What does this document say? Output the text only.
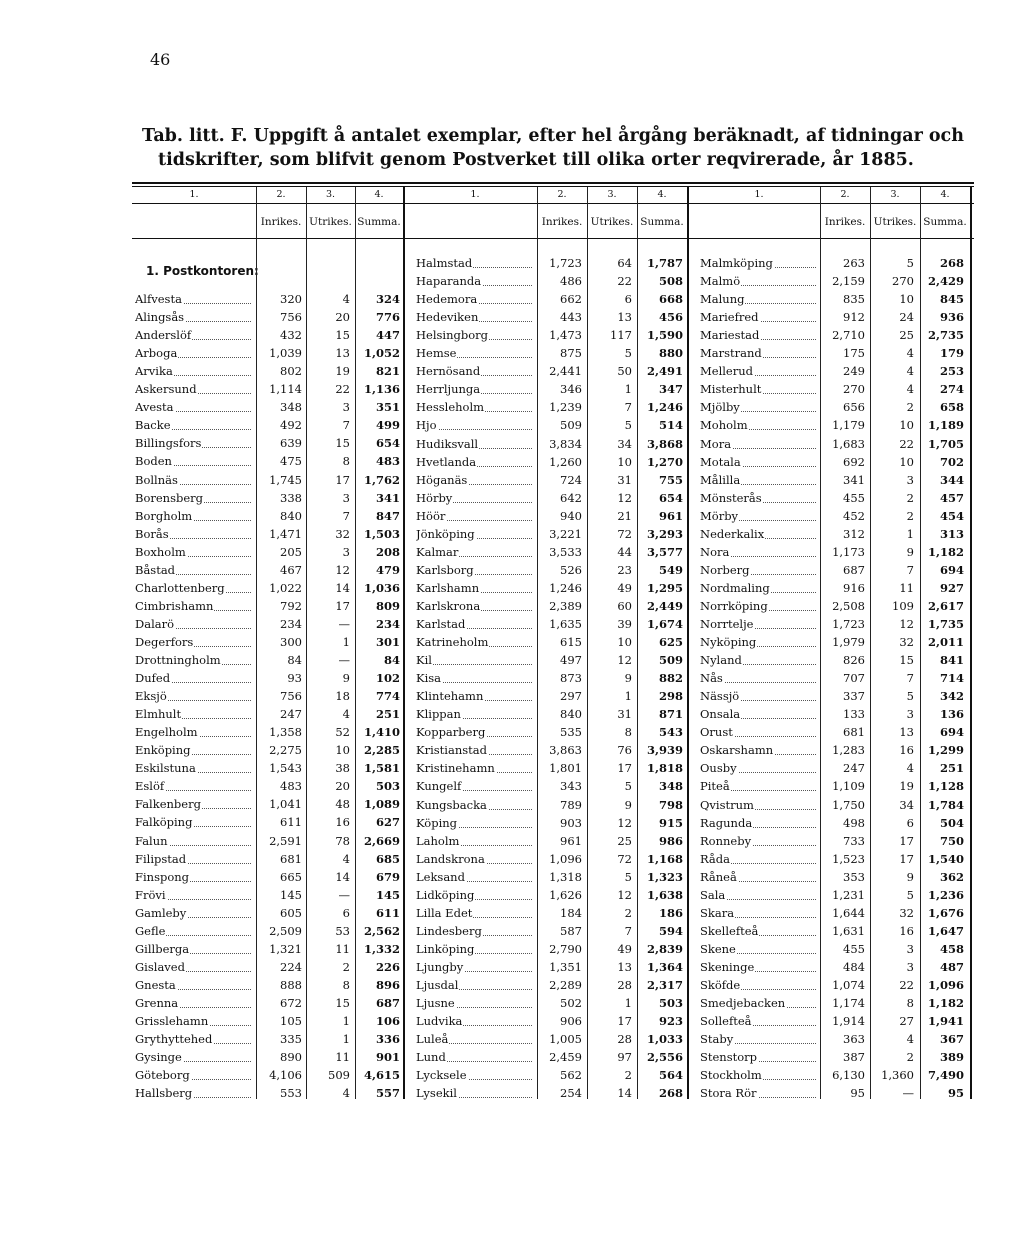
46
Tab. litt. F. Uppgift å antalet exemplar, efter hel årgång beräknadt, af tidningar och
tidskrifter, som blifvit genom Postverket till olika orter reqvirerade, år 1885.
1.	2.	3.	4.
Inrikes. Utrikes. Summa.
1.	2.	3.	4.
Inrikes. Utrikes. Summa.
1.	2.	3.	4.
Inrikes. Utrikes. Summa.
1. Postkontoren:
Alfvesta	320	4	324
Alingsås	756	20	776
Anderslöf	432	15	447
Arboga	1,039	13	1,052
Arvika	802	19	821
Askersund	1,114	22	1,136
Avesta	348	3	351
Backe	492	7	499
Billingsfors	639	15	654
Boden	475	8	483
Bollnäs	1,745	17	1,762
Borensberg	338	3	341
Borgholm	840	7	847
Borås	1,471	32	1,503
Boxholm	205	3	208
Båstad	467	12	479
Charlottenberg	1,022	14	1,036
Cimbrishamn	792	17	809
Dalarö	234	—	234
Degerfors	300	1	301
Drottningholm	84	—	84
Dufed	93	9	102
Eksjö	756	18	774
Elmhult	247	4	251
Engelholm	1,358	52	1,410
Enköping	2,275	10	2,285
Eskilstuna	1,543	38	1,581
Eslöf	483	20	503
Falkenberg	1,041	48	1,089
Falköping	611	16	627
Falun	2,591	78	2,669
Filipstad	681	4	685
Finspong	665	14	679
Frövi	145	—	145
Gamleby	605	6	611
Gefle	2,509	53	2,562
Gillberga	1,321	11	1,332
Gislaved	224	2	226
Gnesta	888	8	896
Grenna	672	15	687
Grisslehamn	105	1	106
Grythyttehed	335	1	336
Gysinge	890	11	901
Göteborg	4,106	509	4,615
Hallsberg	553	4	557
Halmstad	1,723	64	1,787
Haparanda	486	22	508
Hedemora	662	6	668
Hedeviken	443	13	456
Helsingborg	1,473	117	1,590
Hemse	875	5	880
Hernösand	2,441	50	2,491
Herrljunga	346	1	347
Hessleholm	1,239	7	1,246
Hjo	509	5	514
Hudiksvall	3,834	34	3,868
Hvetlanda	1,260	10	1,270
Höganäs	724	31	755
Hörby	642	12	654
Höör	940	21	961
Jönköping	3,221	72	3,293
Kalmar	3,533	44	3,577
Karlsborg	526	23	549
Karlshamn	1,246	49	1,295
Karlskrona	2,389	60	2,449
Karlstad	1,635	39	1,674
Katrineholm	615	10	625
Kil	497	12	509
Kisa	873	9	882
Klintehamn	297	1	298
Klippan	840	31	871
Kopparberg	535	8	543
Kristianstad	3,863	76	3,939
Kristinehamn	1,801	17	1,818
Kungelf	343	5	348
Kungsbacka	789	9	798
Köping	903	12	915
Laholm	961	25	986
Landskrona	1,096	72	1,168
Leksand	1,318	5	1,323
Lidköping	1,626	12	1,638
Lilla Edet	184	2	186
Lindesberg	587	7	594
Linköping	2,790	49	2,839
Ljungby	1,351	13	1,364
Ljusdal	2,289	28	2,317
Ljusne	502	1	503
Ludvika	906	17	923
Luleå	1,005	28	1,033
Lund	2,459	97	2,556
Lycksele	562	2	564
Lysekil	254	14	268
Malmköping	263	5	268
Malmö	2,159	270	2,429
Malung	835	10	845
Mariefred	912	24	936
Mariestad	2,710	25	2,735
Marstrand	175	4	179
Mellerud	249	4	253
Misterhult	270	4	274
Mjölby	656	2	658
Moholm	1,179	10	1,189
Mora	1,683	22	1,705
Motala	692	10	702
Målilla	341	3	344
Mönsterås	455	2	457
Mörby	452	2	454
Nederkalix	312	1	313
Nora	1,173	9	1,182
Norberg	687	7	694
Nordmaling	916	11	927
Norrköping	2,508	109	2,617
Norrtelje	1,723	12	1,735
Nyköping	1,979	32	2,011
Nyland	826	15	841
Nås	707	7	714
Nässjö	337	5	342
Onsala	133	3	136
Orust	681	13	694
Oskarshamn	1,283	16	1,299
Ousby	247	4	251
Piteå	1,109	19	1,128
Qvistrum	1,750	34	1,784
Ragunda	498	6	504
Ronneby	733	17	750
Råda	1,523	17	1,540
Råneå	353	9	362
Sala	1,231	5	1,236
Skara	1,644	32	1,676
Skellefteå	1,631	16	1,647
Skene	455	3	458
Skeninge	484	3	487
Sköfde	1,074	22	1,096
Smedjebacken	1,174	8	1,182
Sollefteå	1,914	27	1,941
Staby	363	4	367
Stenstorp	387	2	389
Stockholm	6,130	1,360	7,490
Stora Rör	95	—	95
